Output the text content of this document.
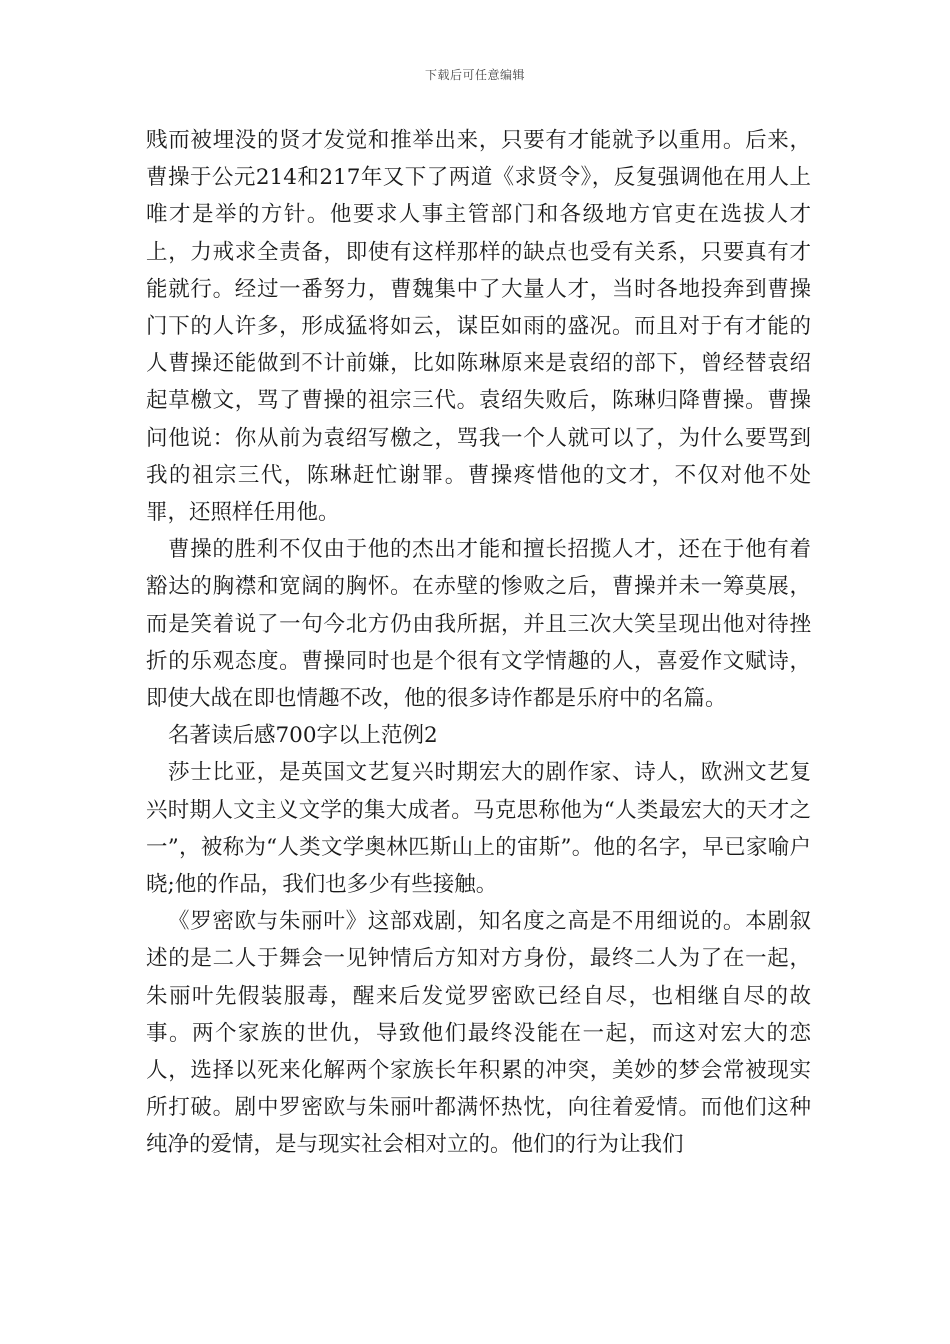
下载后可任意编辑

贱而被埋没的贤才发觉和推举出来，只要有才能就予以重用。后来，曹操于公元214和217年又下了两道《求贤令》，反复强调他在用人上唯才是举的方针。他要求人事主管部门和各级地方官吏在选拔人才上，力戒求全责备，即使有这样那样的缺点也受有关系，只要真有才能就行。经过一番努力，曹魏集中了大量人才，当时各地投奔到曹操门下的人许多，形成猛将如云，谋臣如雨的盛况。而且对于有才能的人曹操还能做到不计前嫌，比如陈琳原来是袁绍的部下，曾经替袁绍起草檄文，骂了曹操的祖宗三代。袁绍失败后，陈琳归降曹操。曹操问他说：你从前为袁绍写檄之，骂我一个人就可以了，为什么要骂到我的祖宗三代，陈琳赶忙谢罪。曹操疼惜他的文才，不仅对他不处罪，还照样任用他。

曹操的胜利不仅由于他的杰出才能和擅长招揽人才，还在于他有着豁达的胸襟和宽阔的胸怀。在赤壁的惨败之后，曹操并未一筹莫展，而是笑着说了一句今北方仍由我所据，并且三次大笑呈现出他对待挫折的乐观态度。曹操同时也是个很有文学情趣的人，喜爱作文赋诗，即使大战在即也情趣不改，他的很多诗作都是乐府中的名篇。

名著读后感700字以上范例2

莎士比亚，是英国文艺复兴时期宏大的剧作家、诗人，欧洲文艺复兴时期人文主义文学的集大成者。马克思称他为“人类最宏大的天才之一”，被称为“人类文学奥林匹斯山上的宙斯”。他的名字，早已家喻户晓;他的作品，我们也多少有些接触。

《罗密欧与朱丽叶》这部戏剧，知名度之高是不用细说的。本剧叙述的是二人于舞会一见钟情后方知对方身份，最终二人为了在一起，朱丽叶先假装服毒，醒来后发觉罗密欧已经自尽，也相继自尽的故事。两个家族的世仇，导致他们最终没能在一起，而这对宏大的恋人，选择以死来化解两个家族长年积累的冲突，美妙的梦会常被现实所打破。剧中罗密欧与朱丽叶都满怀热忱，向往着爱情。而他们这种纯净的爱情，是与现实社会相对立的。他们的行为让我们
